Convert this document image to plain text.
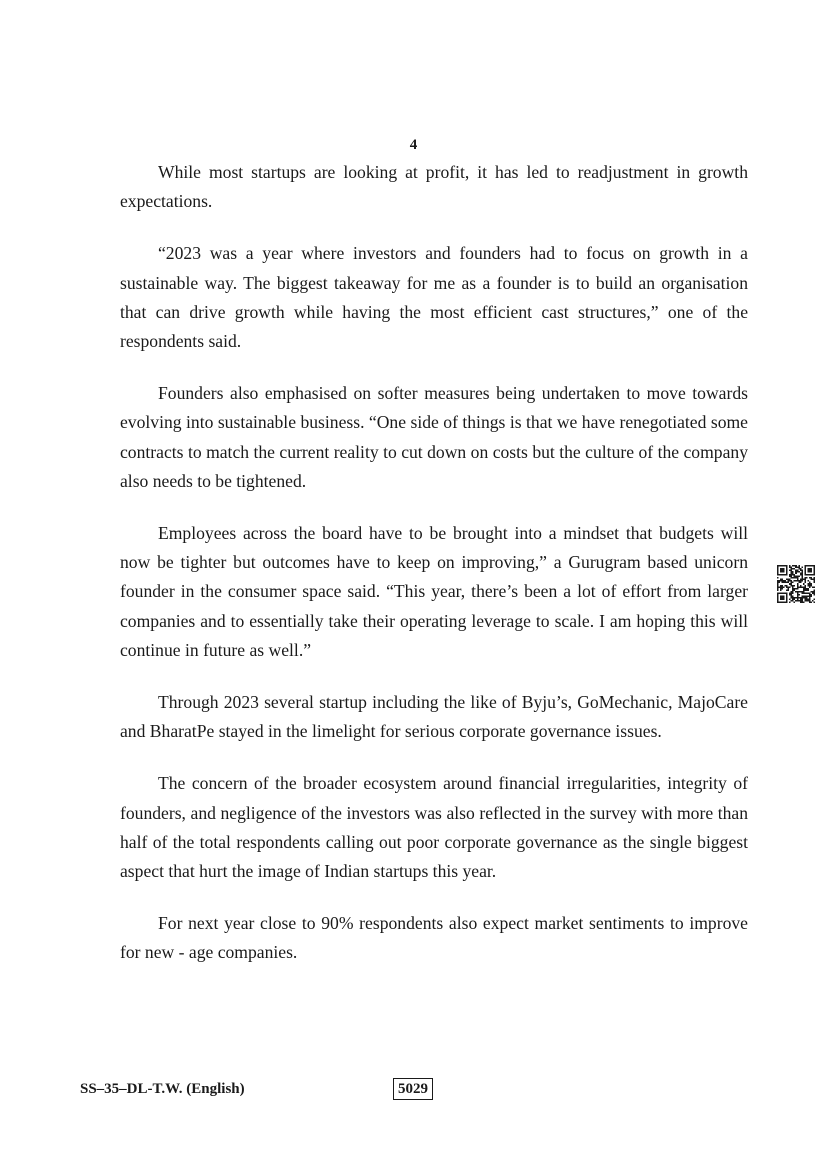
4

While most startups are looking at profit, it has led to readjustment in growth expectations.

“2023 was a year where investors and founders had to focus on growth in a sustainable way. The biggest takeaway for me as a founder is to build an organisation that can drive growth while having the most efficient cast structures,” one of the respondents said.

Founders also emphasised on softer measures being undertaken to move towards evolving into sustainable business. “One side of things is that we have renegotiated some contracts to match the current reality to cut down on costs but the culture of the company also needs to be tightened.

Employees across the board have to be brought into a mindset that budgets will now be tighter but outcomes have to keep on improving,” a Gurugram based unicorn founder in the consumer space said. “This year, there’s been a lot of effort from larger companies and to essentially take their operating leverage to scale. I am hoping this will continue in future as well.”

Through 2023 several startup including the like of Byju’s, GoMechanic, MajoCare and BharatPe stayed in the limelight for serious corporate governance issues.

The concern of the broader ecosystem around financial irregularities, integrity of founders, and negligence of the investors was also reflected in the survey with more than half of the total respondents calling out poor corporate governance as the single biggest aspect that hurt the image of Indian startups this year.

For next year close to 90% respondents also expect market sentiments to improve for new - age companies.

SS–35–DL-T.W. (English)	5029
